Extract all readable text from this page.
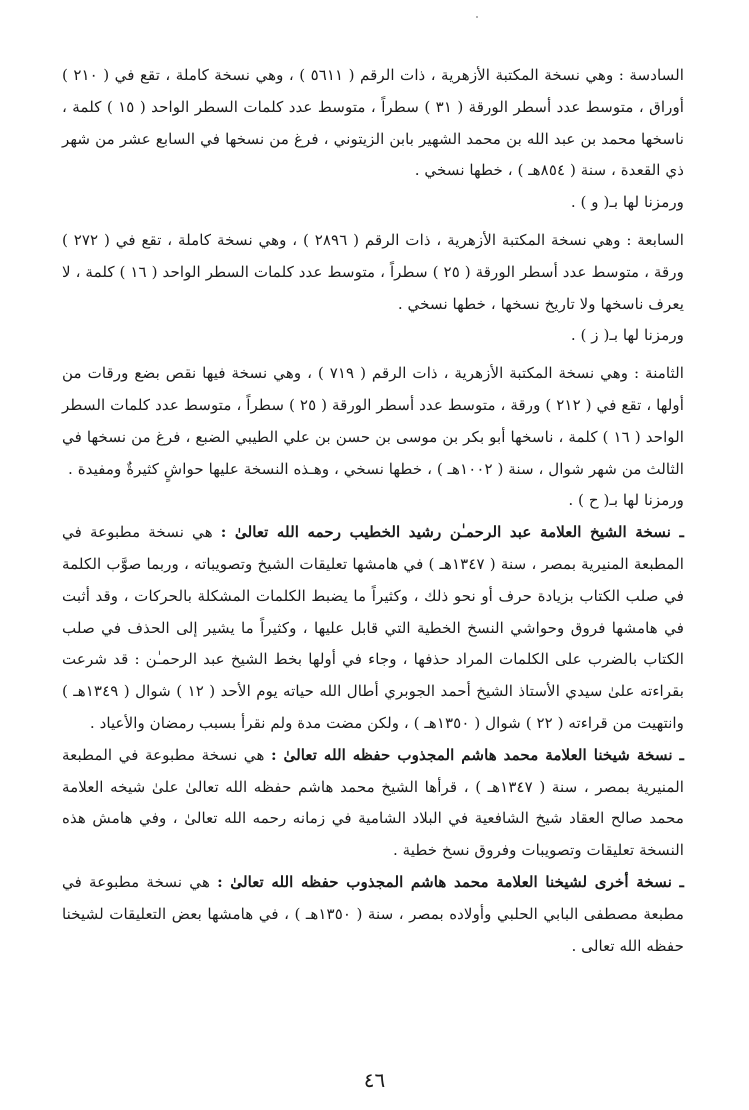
السادسة : وهي نسخة المكتبة الأزهرية ، ذات الرقم ( ٥٦١١ ) ، وهي نسخة كاملة ، تقع في ( ٢١٠ ) أوراق ، متوسط عدد أسطر الورقة ( ٣١ ) سطراً ، متوسط عدد كلمات السطر الواحد ( ١٥ ) كلمة ، ناسخها محمد بن عبد الله بن محمد الشهير بابن الزيتوني ، فرغ من نسخها في السابع عشر من شهر ذي القعدة ، سنة ( ٨٥٤هـ ) ، خطها نسخي .

ورمزنا لها بـ( و ) .

السابعة : وهي نسخة المكتبة الأزهرية ، ذات الرقم ( ٢٨٩٦ ) ، وهي نسخة كاملة ، تقع في ( ٢٧٢ ) ورقة ، متوسط عدد أسطر الورقة ( ٢٥ ) سطراً ، متوسط عدد كلمات السطر الواحد ( ١٦ ) كلمة ، لا يعرف ناسخها ولا تاريخ نسخها ، خطها نسخي .

ورمزنا لها بـ( ز ) .

الثامنة : وهي نسخة المكتبة الأزهرية ، ذات الرقم ( ٧١٩ ) ، وهي نسخة فيها نقص بضع ورقات من أولها ، تقع في ( ٢١٢ ) ورقة ، متوسط عدد أسطر الورقة ( ٢٥ ) سطراً ، متوسط عدد كلمات السطر الواحد ( ١٦ ) كلمة ، ناسخها أبو بكر بن موسى بن حسن بن علي الطيبي الضبع ، فرغ من نسخها في الثالث من شهر شوال ، سنة ( ١٠٠٢هـ ) ، خطها نسخي ، وهـذه النسخة عليها حواشٍ كثيرةٌ ومفيدة .

ورمزنا لها بـ( ح ) .

ـ نسخة الشيخ العلامة عبد الرحمـٰن رشيد الخطيب رحمه الله تعالىٰ : هي نسخة مطبوعة في المطبعة المنيرية بمصر ، سنة ( ١٣٤٧هـ ) في هامشها تعليقات الشيخ وتصويباته ، وربما صوَّب الكلمة في صلب الكتاب بزيادة حرف أو نحو ذلك ، وكثيراً ما يضبط الكلمات المشكلة بالحركات ، وقد أثبت في هامشها فروق وحواشي النسخ الخطية التي قابل عليها ، وكثيراً ما يشير إلى الحذف في صلب الكتاب بالضرب على الكلمات المراد حذفها ، وجاء في أولها بخط الشيخ عبد الرحمـٰن : قد شرعت بقراءته علىٰ سيدي الأستاذ الشيخ أحمد الجوبري أطال الله حياته يوم الأحد ( ١٢ ) شوال ( ١٣٤٩هـ ) وانتهيت من قراءته ( ٢٢ ) شوال ( ١٣٥٠هـ ) ، ولكن مضت مدة ولم نقرأ بسبب رمضان والأعياد .

ـ نسخة شيخنا العلامة محمد هاشم المجذوب حفظه الله تعالىٰ : هي نسخة مطبوعة في المطبعة المنيرية بمصر ، سنة ( ١٣٤٧هـ ) ، قرأها الشيخ محمد هاشم حفظه الله تعالىٰ علىٰ شيخه العلامة محمد صالح العقاد شيخ الشافعية في البلاد الشامية في زمانه رحمه الله تعالىٰ ، وفي هامش هذه النسخة تعليقات وتصويبات وفروق نسخ خطية .

ـ نسخة أخرى لشيخنا العلامة محمد هاشم المجذوب حفظه الله تعالىٰ : هي نسخة مطبوعة في مطبعة مصطفى البابي الحلبي وأولاده بمصر ، سنة ( ١٣٥٠هـ ) ، في هامشها بعض التعليقات لشيخنا حفظه الله تعالى .

٤٦
